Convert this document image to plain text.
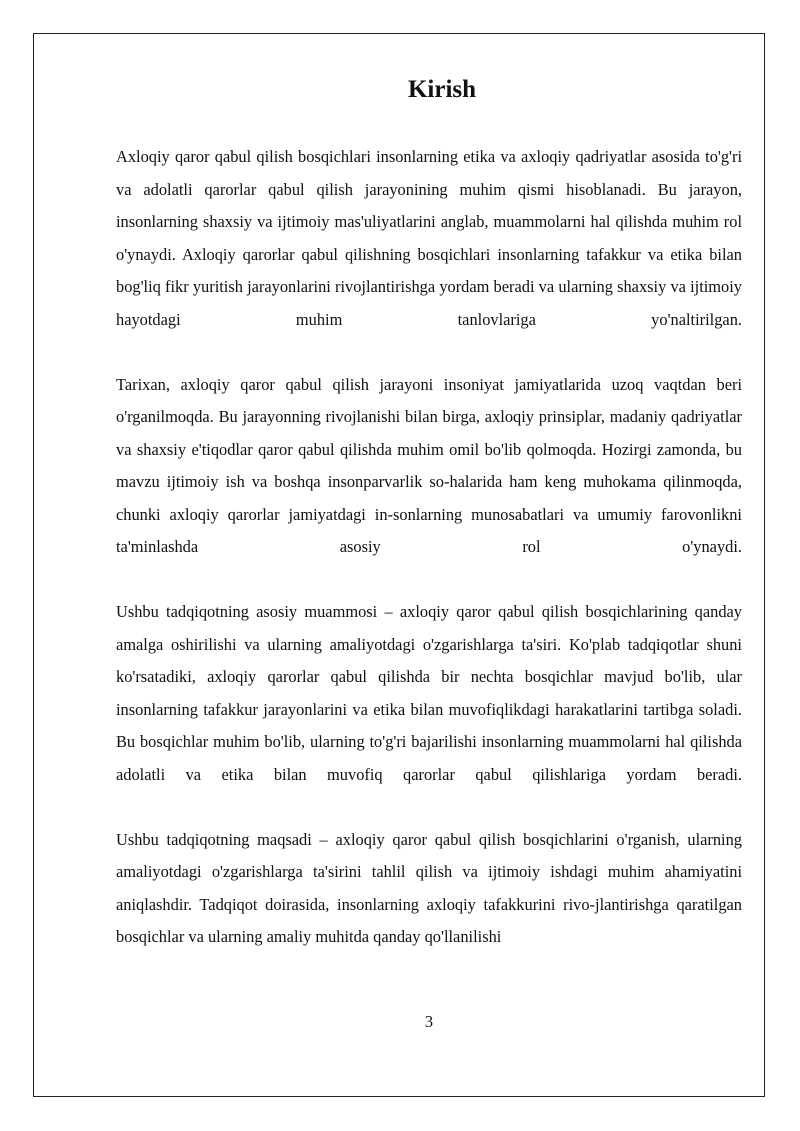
Kirish

Axloqiy qaror qabul qilish bosqichlari insonlarning etika va axloqiy qadriyatlar asosida to'g'ri va adolatli qarorlar qabul qilish jarayonining muhim qismi hisoblanadi. Bu jarayon, insonlarning shaxsiy va ijtimoiy mas'uliyatlarini anglab, muammolarni hal qilishda muhim rol o'ynaydi. Axloqiy qarorlar qabul qilishning bosqichlari insonlarning tafakkur va etika bilan bog'liq fikr yuritish jarayonlarini rivojlantirishga yordam beradi va ularning shaxsiy va ijtimoiy hayotdagi muhim tanlovlariga yo'naltirilgan.

Tarixan, axloqiy qaror qabul qilish jarayoni insoniyat jamiyatlarida uzoq vaqtdan beri o'rganilmoqda. Bu jarayonning rivojlanishi bilan birga, axloqiy prinsiplar, madaniy qadriyatlar va shaxsiy e'tiqodlar qaror qabul qilishda muhim omil bo'lib qolmoqda. Hozirgi zamonda, bu mavzu ijtimoiy ish va boshqa insonparvarlik so-halarida ham keng muhokama qilinmoqda, chunki axloqiy qarorlar jamiyatdagi in-sonlarning munosabatlari va umumiy farovonlikni ta'minlashda asosiy rol o'ynaydi.

Ushbu tadqiqotning asosiy muammosi – axloqiy qaror qabul qilish bosqichlarining qanday amalga oshirilishi va ularning amaliyotdagi o'zgarishlarga ta'siri. Ko'plab tadqiqotlar shuni ko'rsatadiki, axloqiy qarorlar qabul qilishda bir nechta bosqichlar mavjud bo'lib, ular insonlarning tafakkur jarayonlarini va etika bilan muvofiqlikdagi harakatlarini tartibga soladi. Bu bosqichlar muhim bo'lib, ularning to'g'ri bajarilishi insonlarning muammolarni hal qilishda adolatli va etika bilan muvofiq qarorlar qabul qilishlariga yordam beradi.

Ushbu tadqiqotning maqsadi – axloqiy qaror qabul qilish bosqichlarini o'rganish, ularning amaliyotdagi o'zgarishlarga ta'sirini tahlil qilish va ijtimoiy ishdagi muhim ahamiyatini aniqlashdir. Tadqiqot doirasida, insonlarning axloqiy tafakkurini rivo-jlantirishga qaratilgan bosqichlar va ularning amaliy muhitda qanday qo'llanilishi

3
